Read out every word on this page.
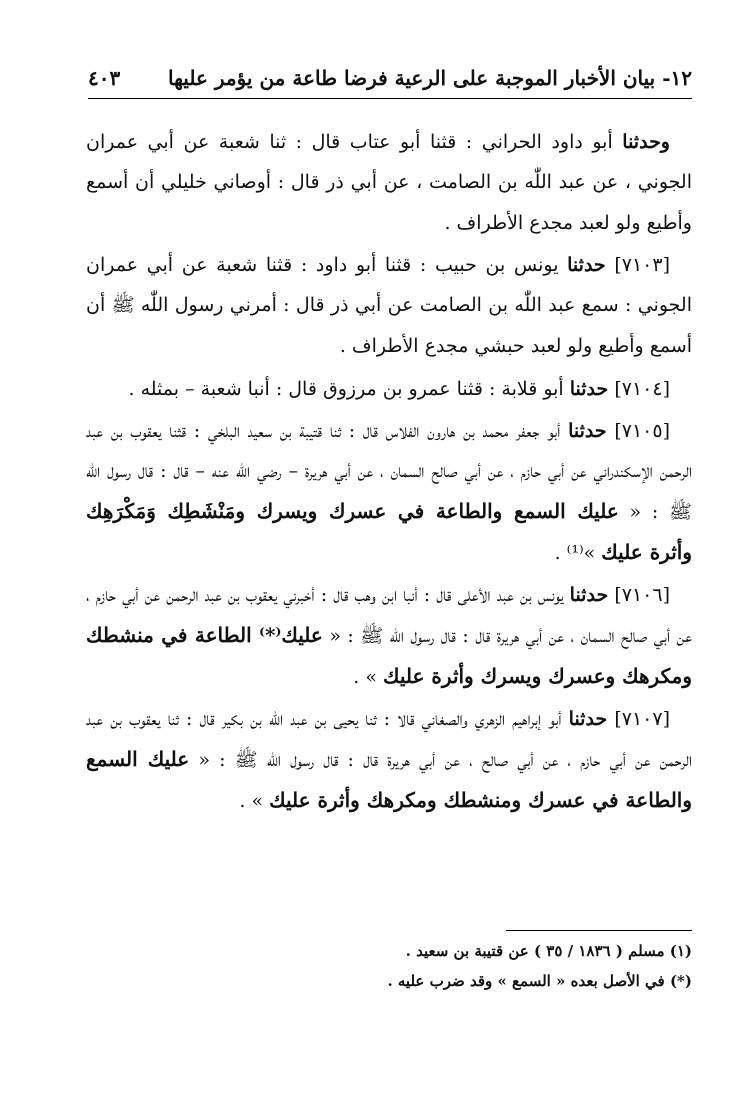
٤٠٣ ١٢- بيان الأخبار الموجبة على الرعية فرضا طاعة من يؤمر عليها

وحدثنا أبو داود الحراني : قثنا أبو عتاب قال : ثنا شعبة عن أبي عمران الجوني ، عن عبد اللّٰه بن الصامت ، عن أبي ذر قال : أوصاني خليلي أن أسمع وأطيع ولو لعبد مجدع الأطراف .

[٧١٠٣] حدثنا يونس بن حبيب : قثنا أبو داود : قثنا شعبة عن أبي عمران الجوني : سمع عبد اللّٰه بن الصامت عن أبي ذر قال : أمرني رسول اللّٰه ﷺ أن أسمع وأطيع ولو لعبد حبشي مجدع الأطراف .

[٧١٠٤] حدثنا أبو قلابة : قثنا عمرو بن مرزوق قال : أنبا شعبة – بمثله .

[٧١٠٥] حدثنا أبو جعفر محمد بن هارون الفلاس قال : ثنا قتيبة بن سعيد البلخي : قثنا يعقوب بن عبد الرحمن الإسكندراني عن أبي حازم ، عن أبي صالح السمان ، عن أبي هريرة – رضي اللّٰه عنه – قال : قال رسول اللّٰه ﷺ : « عليك السمع والطاعة في عسرك ويسرك ومَنْشَطِك وَمَكْرَهِك وأثرة عليك »⁽¹⁾ .

[٧١٠٦] حدثنا يونس بن عبد الأعلى قال : أنبا ابن وهب قال : أخبرني يعقوب بن عبد الرحمن عن أبي حازم ، عن أبي صالح السمان ، عن أبي هريرة قال : قال رسول اللّٰه ﷺ : « عليك⁽*⁾ الطاعة في منشطك ومكرهك وعسرك ويسرك وأثرة عليك » .

[٧١٠٧] حدثنا أبو إبراهيم الزهري والصغاني قالا : ثنا يحيى بن عبد اللّٰه بن بكير قال : ثنا يعقوب بن عبد الرحمن عن أبي حازم ، عن أبي صالح ، عن أبي هريرة قال : قال رسول اللّٰه ﷺ : « عليك السمع والطاعة في عسرك ومنشطك ومكرهك وأثرة عليك » .

(١) مسلم ( ١٨٣٦ / ٣٥ ) عن قتيبة بن سعيد .

(*) في الأصل بعده « السمع » وقد ضرب عليه .
